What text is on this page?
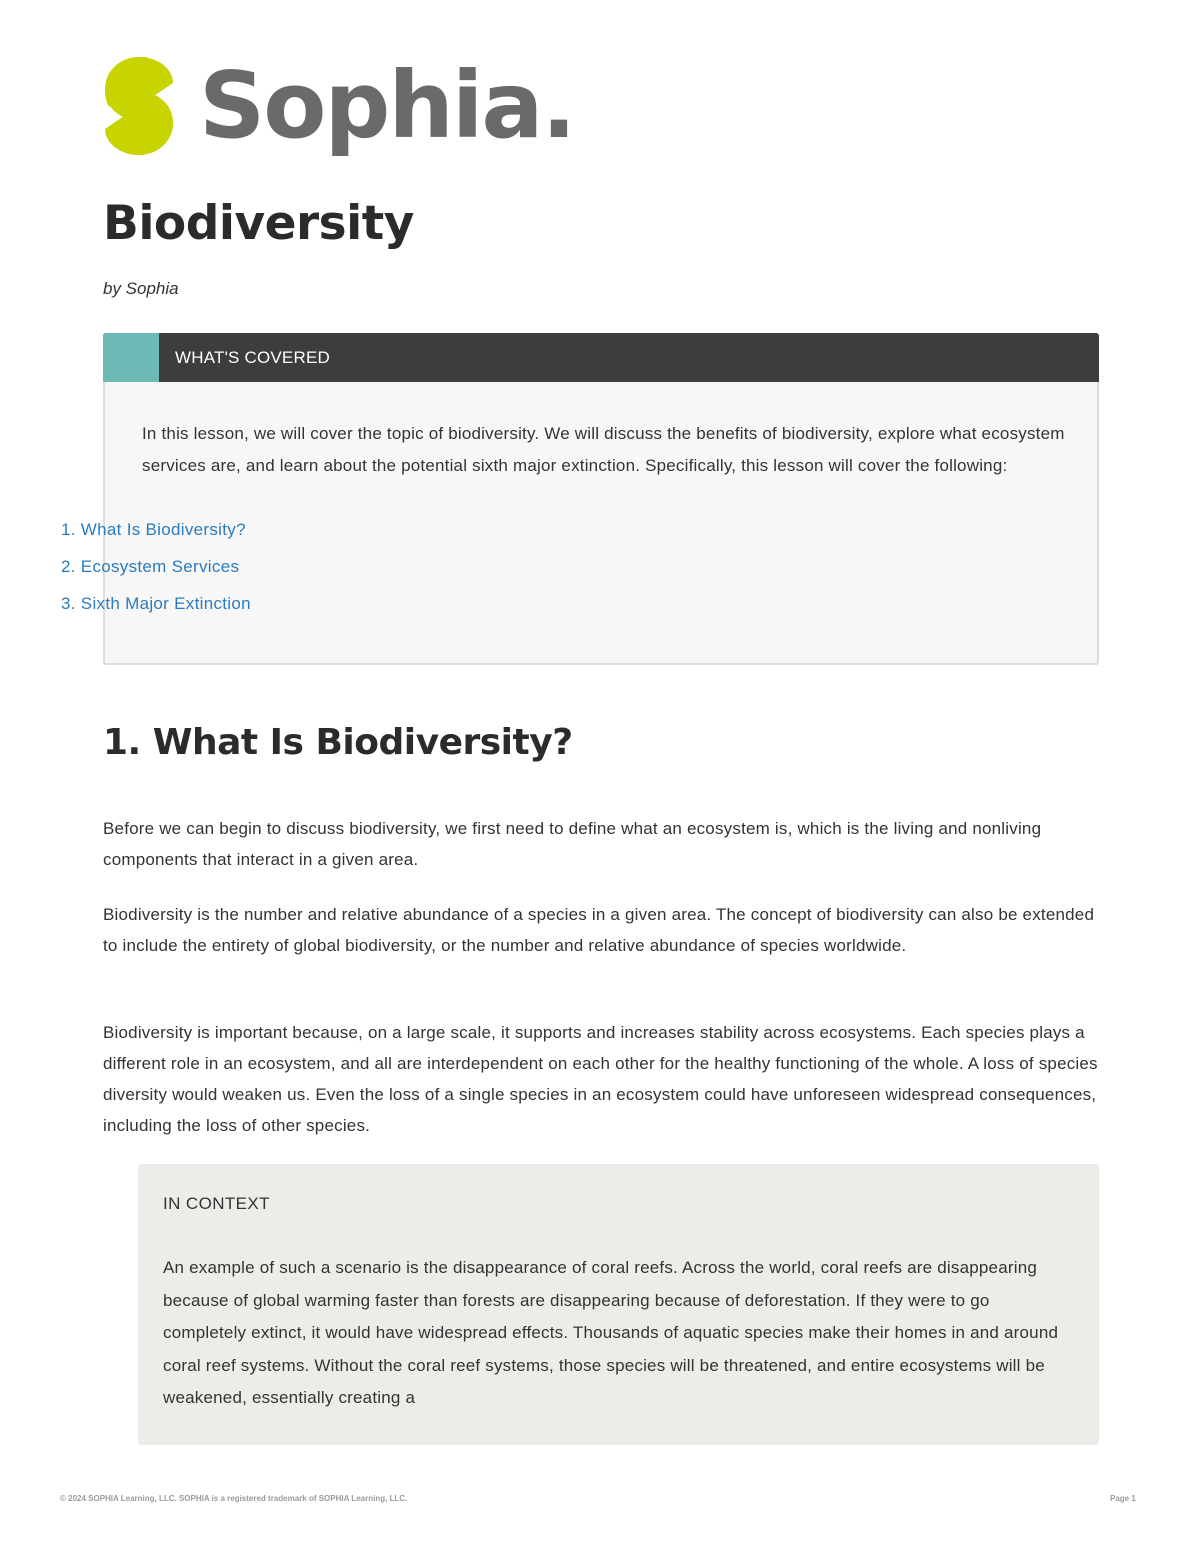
Sophia.
Biodiversity
by Sophia
WHAT'S COVERED

In this lesson, we will cover the topic of biodiversity. We will discuss the benefits of biodiversity, explore what ecosystem services are, and learn about the potential sixth major extinction. Specifically, this lesson will cover the following:

1. What Is Biodiversity?
2. Ecosystem Services
3. Sixth Major Extinction
1. What Is Biodiversity?

Before we can begin to discuss biodiversity, we first need to define what an ecosystem is, which is the living and nonliving components that interact in a given area.

Biodiversity is the number and relative abundance of a species in a given area. The concept of biodiversity can also be extended to include the entirety of global biodiversity, or the number and relative abundance of species worldwide.

Biodiversity is important because, on a large scale, it supports and increases stability across ecosystems. Each species plays a different role in an ecosystem, and all are interdependent on each other for the healthy functioning of the whole. A loss of species diversity would weaken us. Even the loss of a single species in an ecosystem could have unforeseen widespread consequences, including the loss of other species.

IN CONTEXT

An example of such a scenario is the disappearance of coral reefs. Across the world, coral reefs are disappearing because of global warming faster than forests are disappearing because of deforestation. If they were to go completely extinct, it would have widespread effects. Thousands of aquatic species make their homes in and around coral reef systems. Without the coral reef systems, those species will be threatened, and entire ecosystems will be weakened, essentially creating a

© 2024 SOPHIA Learning, LLC. SOPHIA is a registered trademark of SOPHIA Learning, LLC.	Page 1
